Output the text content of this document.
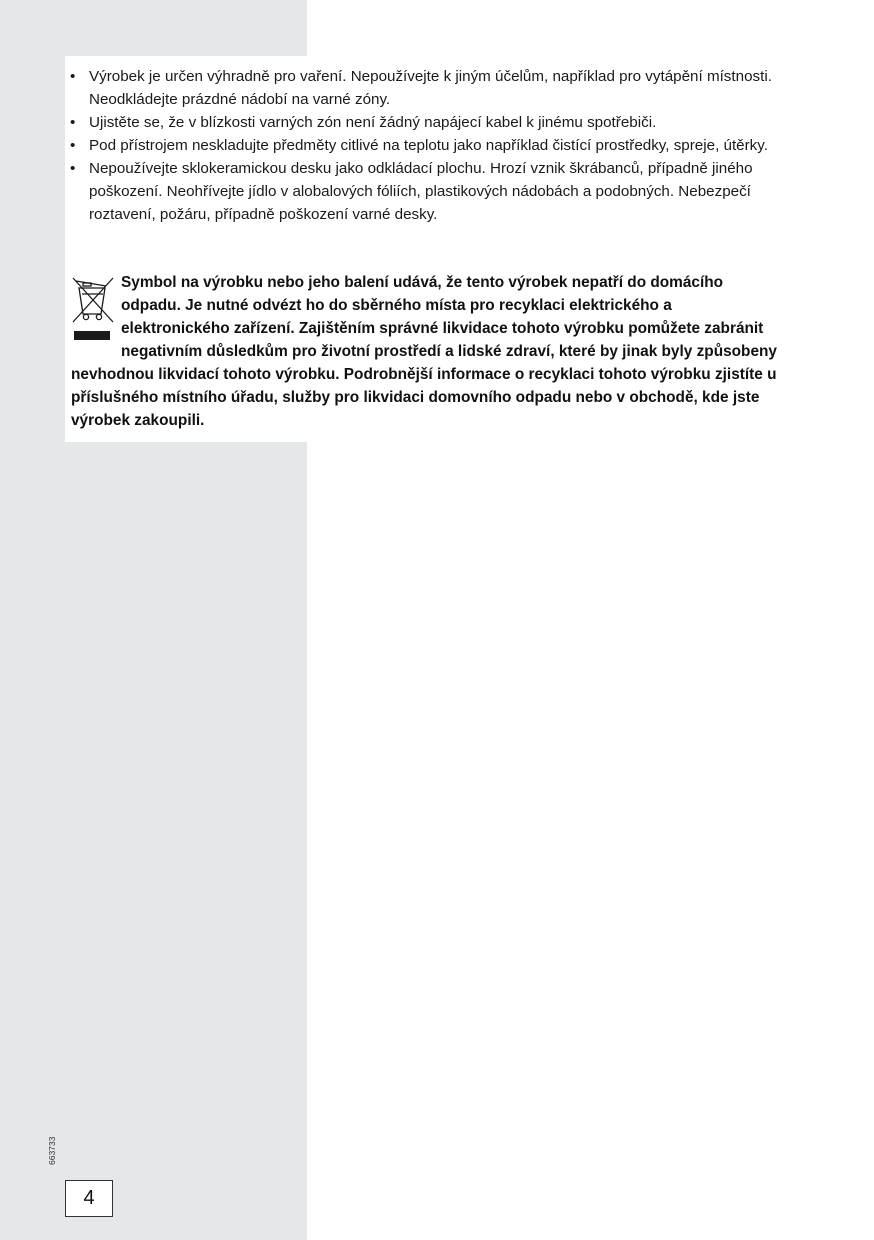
• Výrobek je určen výhradně pro vaření. Nepoužívejte k jiným účelům, například pro vytápění místnosti. Neodkládejte prázdné nádobí na varné zóny.
• Ujistěte se, že v blízkosti varných zón není žádný napájecí kabel k jinému spotřebiči.
• Pod přístrojem neskladujte předměty citlivé na teplotu jako například čistící prostředky, spreje, útěrky.
• Nepoužívejte sklokeramickou desku jako odkládací plochu. Hrozí vznik škrábanců, případně jiného poškození. Neohřívejte jídlo v alobalových fóliích, plastikových nádobách a podobných. Nebezpečí roztavení, požáru, případně poškození varné desky.

Symbol na výrobku nebo jeho balení udává, že tento výrobek nepatří do domácího odpadu. Je nutné odvézt ho do sběrného místa pro recyklaci elektrického a elektronického zařízení. Zajištěním správné likvidace tohoto výrobku pomůžete zabránit negativním důsledkům pro životní prostředí a lidské zdraví, které by jinak byly způsobeny nevhodnou likvidací tohoto výrobku. Podrobnější informace o recyklaci tohoto výrobku zjistíte u příslušného místního úřadu, služby pro likvidaci domovního odpadu nebo v obchodě, kde jste výrobek zakoupili.

663733
4
